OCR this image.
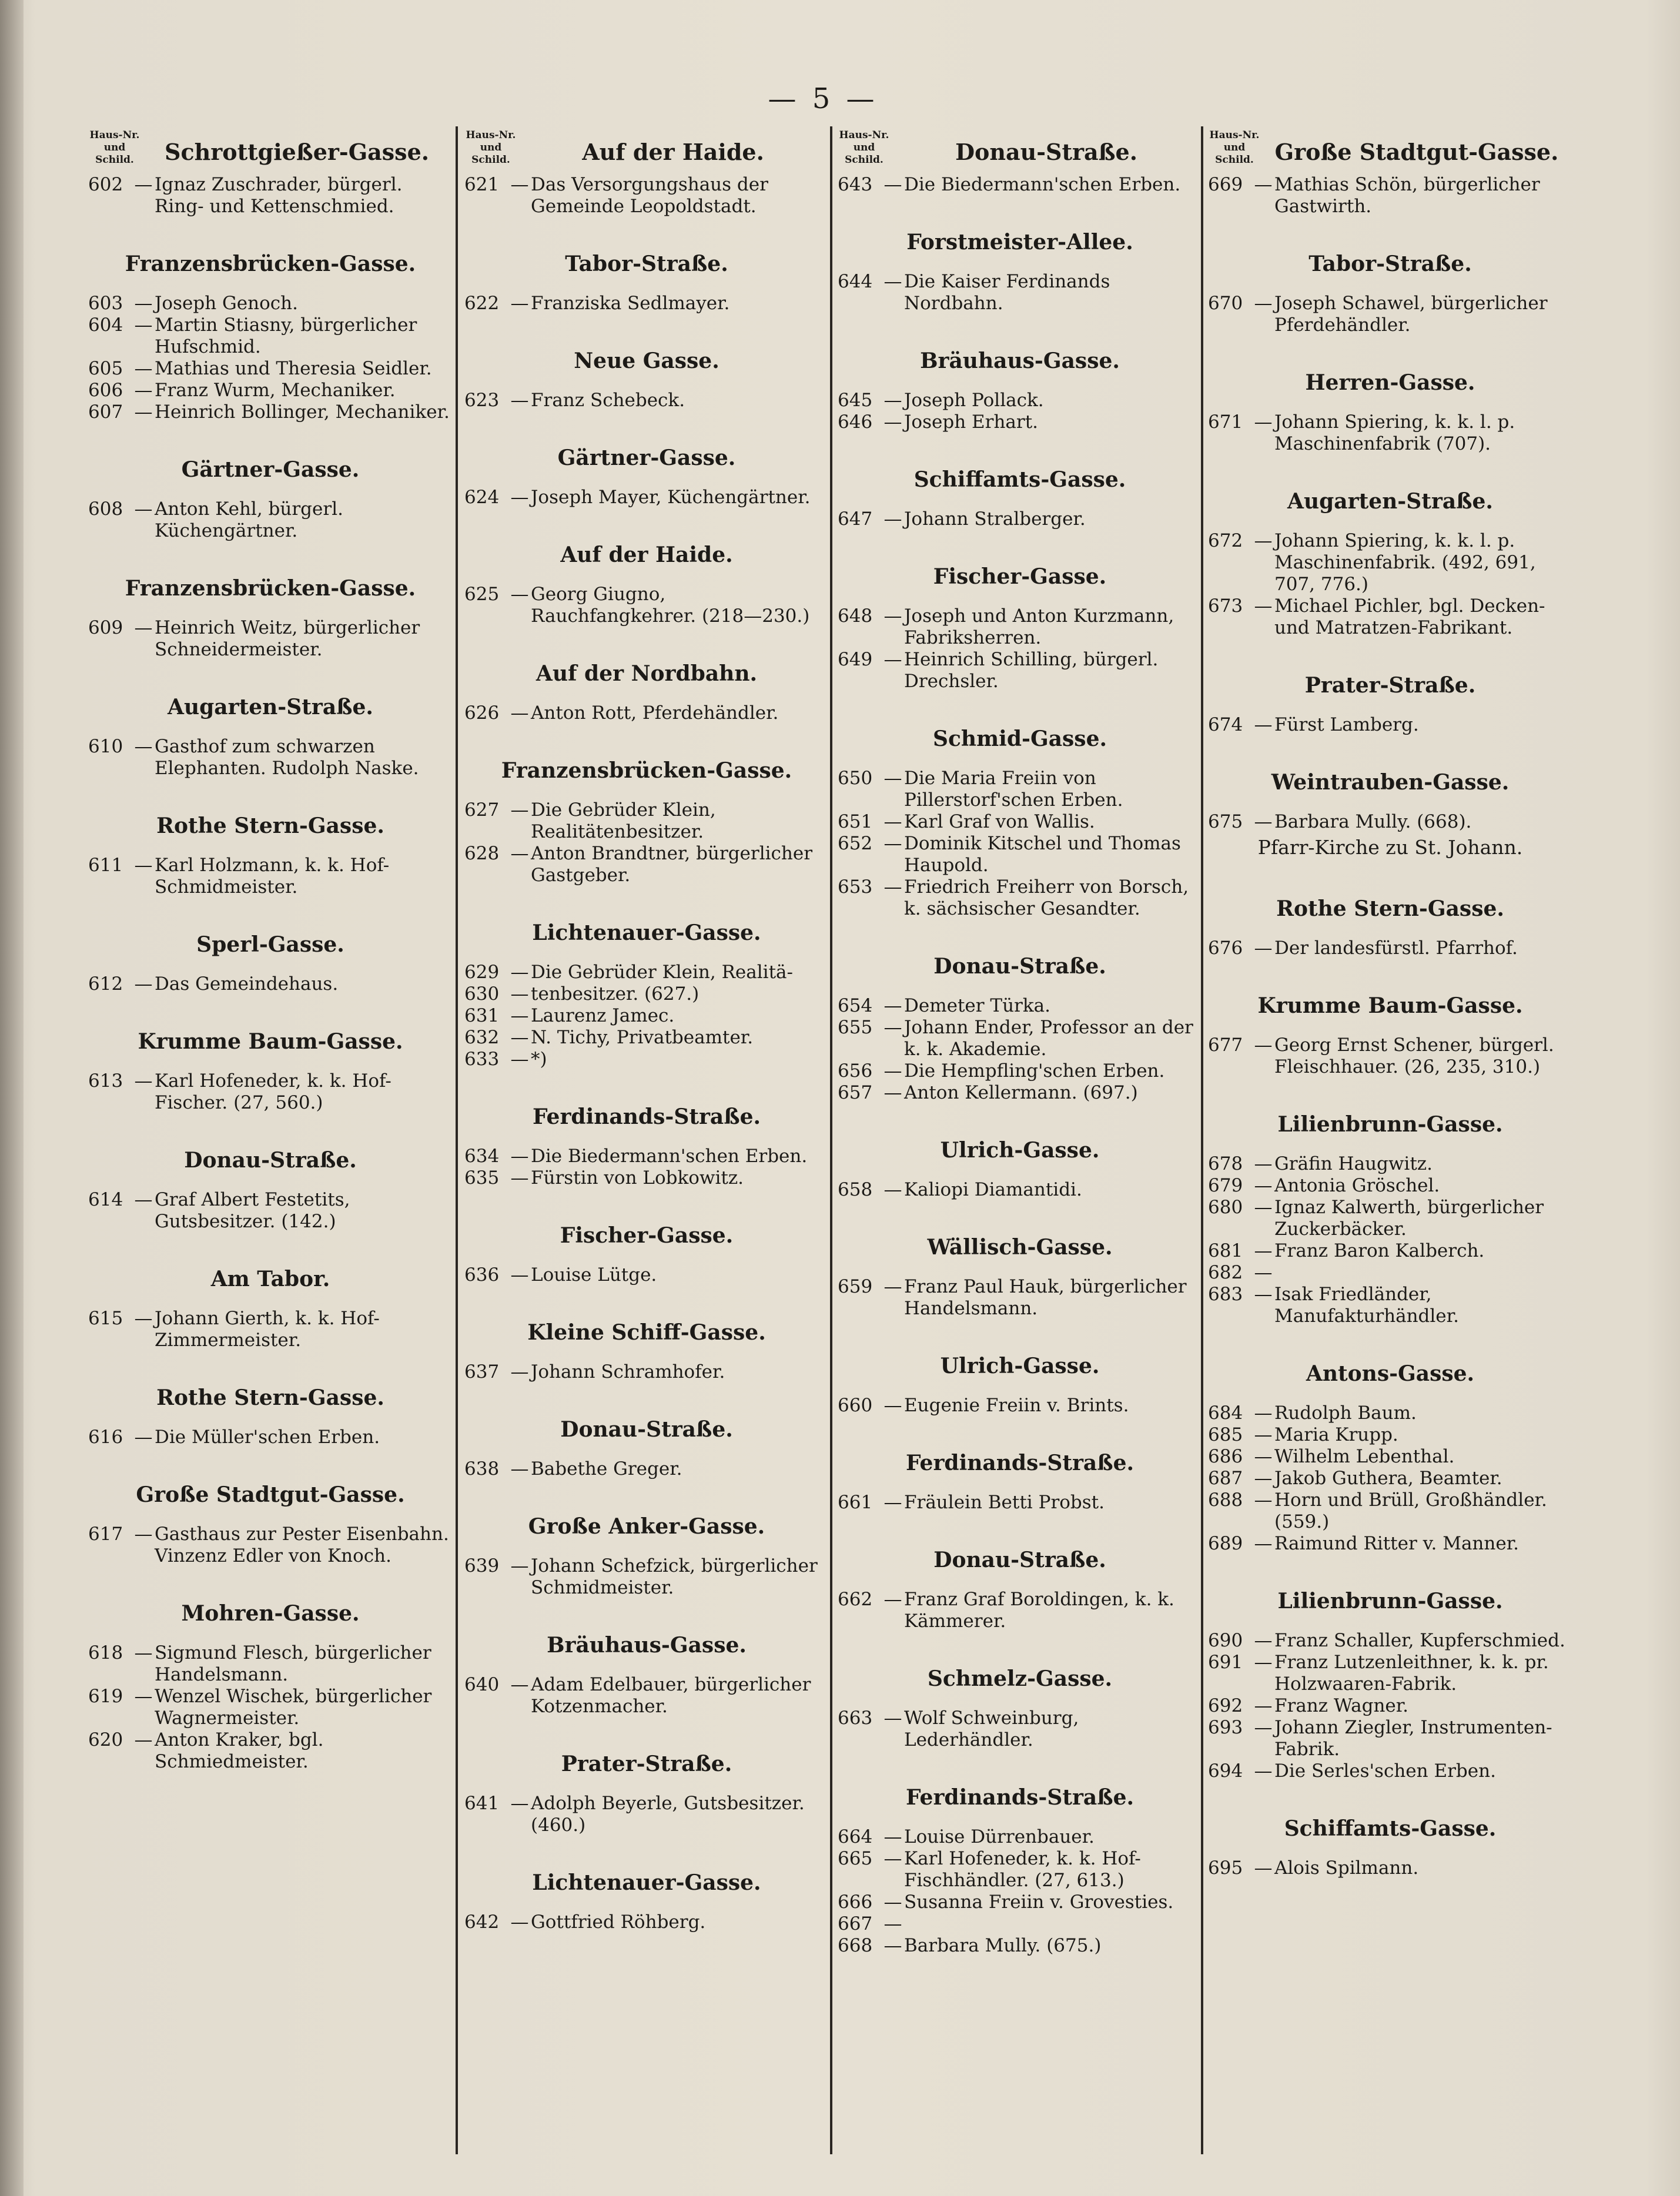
— 5 —
Haus-Nr. und Schild.	Schrottgießer-Gasse.
602 — Ignaz Zuschrader, bürgerl. Ring- und Kettenschmied.
Franzensbrücken-Gasse.
603 — Joseph Genoch.
604 — Martin Stiasny, bürgerlicher Hufschmid.
605 — Mathias und Theresia Seidler.
606 — Franz Wurm, Mechaniker.
607 — Heinrich Bollinger, Mechaniker.
Gärtner-Gasse.
608 — Anton Kehl, bürgerl. Küchengärtner.
Franzensbrücken-Gasse.
609 — Heinrich Weitz, bürgerlicher Schneidermeister.
Augarten-Straße.
610 — Gasthof zum schwarzen Elephanten. Rudolph Naske.
Rothe Stern-Gasse.
611 — Karl Holzmann, k. k. Hof-Schmidmeister.
Sperl-Gasse.
612 — Das Gemeindehaus.
Krumme Baum-Gasse.
613 — Karl Hofeneder, k. k. Hof-Fischer. (27, 560.)
Donau-Straße.
614 — Graf Albert Festetits, Gutsbesitzer. (142.)
Am Tabor.
615 — Johann Gierth, k. k. Hof-Zimmermeister.
Rothe Stern-Gasse.
616 — Die Müller'schen Erben.
Große Stadtgut-Gasse.
617 — Gasthaus zur Pester Eisenbahn. Vinzenz Edler von Knoch.
Mohren-Gasse.
618 — Sigmund Flesch, bürgerlicher Handelsmann.
619 — Wenzel Wischek, bürgerlicher Wagnermeister.
620 — Anton Kraker, bgl. Schmiedmeister.
Haus-Nr. und Schild.	Auf der Haide.
621 — Das Versorgungshaus der Gemeinde Leopoldstadt.
Tabor-Straße.
622 — Franziska Sedlmayer.
Neue Gasse.
623 — Franz Schebeck.
Gärtner-Gasse.
624 — Joseph Mayer, Küchengärtner.
Auf der Haide.
625 — Georg Giugno, Rauchfangkehrer. (218—230.)
Auf der Nordbahn.
626 — Anton Rott, Pferdehändler.
Franzensbrücken-Gasse.
627 — Die Gebrüder Klein, Realitätenbesitzer.
628 — Anton Brandtner, bürgerlicher Gastgeber.
Lichtenauer-Gasse.
629 — Die Gebrüder Klein, Realitä-
630 — tenbesitzer. (627.)
631 — Laurenz Jamec.
632 — N. Tichy, Privatbeamter.
633 — *)
Ferdinands-Straße.
634 — Die Biedermann'schen Erben.
635 — Fürstin von Lobkowitz.
Fischer-Gasse.
636 — Louise Lütge.
Kleine Schiff-Gasse.
637 — Johann Schramhofer.
Donau-Straße.
638 — Babethe Greger.
Große Anker-Gasse.
639 — Johann Schefzick, bürgerlicher Schmidmeister.
Bräuhaus-Gasse.
640 — Adam Edelbauer, bürgerlicher Kotzenmacher.
Prater-Straße.
641 — Adolph Beyerle, Gutsbesitzer. (460.)
Lichtenauer-Gasse.
642 — Gottfried Röhberg.
Haus-Nr. und Schild.	Donau-Straße.
643 — Die Biedermann'schen Erben.
Forstmeister-Allee.
644 — Die Kaiser Ferdinands Nordbahn.
Bräuhaus-Gasse.
645 — Joseph Pollack.
646 — Joseph Erhart.
Schiffamts-Gasse.
647 — Johann Stralberger.
Fischer-Gasse.
648 — Joseph und Anton Kurzmann, Fabriksherren.
649 — Heinrich Schilling, bürgerl. Drechsler.
Schmid-Gasse.
650 — Die Maria Freiin von Pillerstorf'schen Erben.
651 — Karl Graf von Wallis.
652 — Dominik Kitschel und Thomas Haupold.
653 — Friedrich Freiherr von Borsch, k. sächsischer Gesandter.
Donau-Straße.
654 — Demeter Türka.
655 — Johann Ender, Professor an der k. k. Akademie.
656 — Die Hempfling'schen Erben.
657 — Anton Kellermann. (697.)
Ulrich-Gasse.
658 — Kaliopi Diamantidi.
Wällisch-Gasse.
659 — Franz Paul Hauk, bürgerlicher Handelsmann.
Ulrich-Gasse.
660 — Eugenie Freiin v. Brints.
Ferdinands-Straße.
661 — Fräulein Betti Probst.
Donau-Straße.
662 — Franz Graf Boroldingen, k. k. Kämmerer.
Schmelz-Gasse.
663 — Wolf Schweinburg, Lederhändler.
Ferdinands-Straße.
664 — Louise Dürrenbauer.
665 — Karl Hofeneder, k. k. Hof-Fischhändler. (27, 613.)
666 — Susanna Freiin v. Grovesties.
667 —
668 — Barbara Mully. (675.)
Haus-Nr. und Schild. Große Stadtgut-Gasse.
669 — Mathias Schön, bürgerlicher Gastwirth.
Tabor-Straße.
670 — Joseph Schawel, bürgerlicher Pferdehändler.
Herren-Gasse.
671 — Johann Spiering, k. k. l. p. Maschinenfabrik (707).
Augarten-Straße.
672 — Johann Spiering, k. k. l. p. Maschinenfabrik. (492, 691, 707, 776.)
673 — Michael Pichler, bgl. Decken- und Matratzen-Fabrikant.
Prater-Straße.
674 — Fürst Lamberg.
Weintrauben-Gasse.
675 — Barbara Mully. (668).
Pfarr-Kirche zu St. Johann.
Rothe Stern-Gasse.
676 — Der landesfürstl. Pfarrhof.
Krumme Baum-Gasse.
677 — Georg Ernst Schener, bürgerl. Fleischhauer. (26, 235, 310.)
Lilienbrunn-Gasse.
678 — Gräfin Haugwitz.
679 — Antonia Gröschel.
680 — Ignaz Kalwerth, bürgerlicher Zuckerbäcker.
681 — Franz Baron Kalberch.
682 —
683 — Isak Friedländer, Manufakturhändler.
Antons-Gasse.
684 — Rudolph Baum.
685 — Maria Krupp.
686 — Wilhelm Lebenthal.
687 — Jakob Guthera, Beamter.
688 — Horn und Brüll, Großhändler. (559.)
689 — Raimund Ritter v. Manner.
Lilienbrunn-Gasse.
690 — Franz Schaller, Kupferschmied.
691 — Franz Lutzenleithner, k. k. pr. Holzwaaren-Fabrik.
692 — Franz Wagner.
693 — Johann Ziegler, Instrumenten-Fabrik.
694 — Die Serles'schen Erben.
Schiffamts-Gasse.
695 — Alois Spilmann.
